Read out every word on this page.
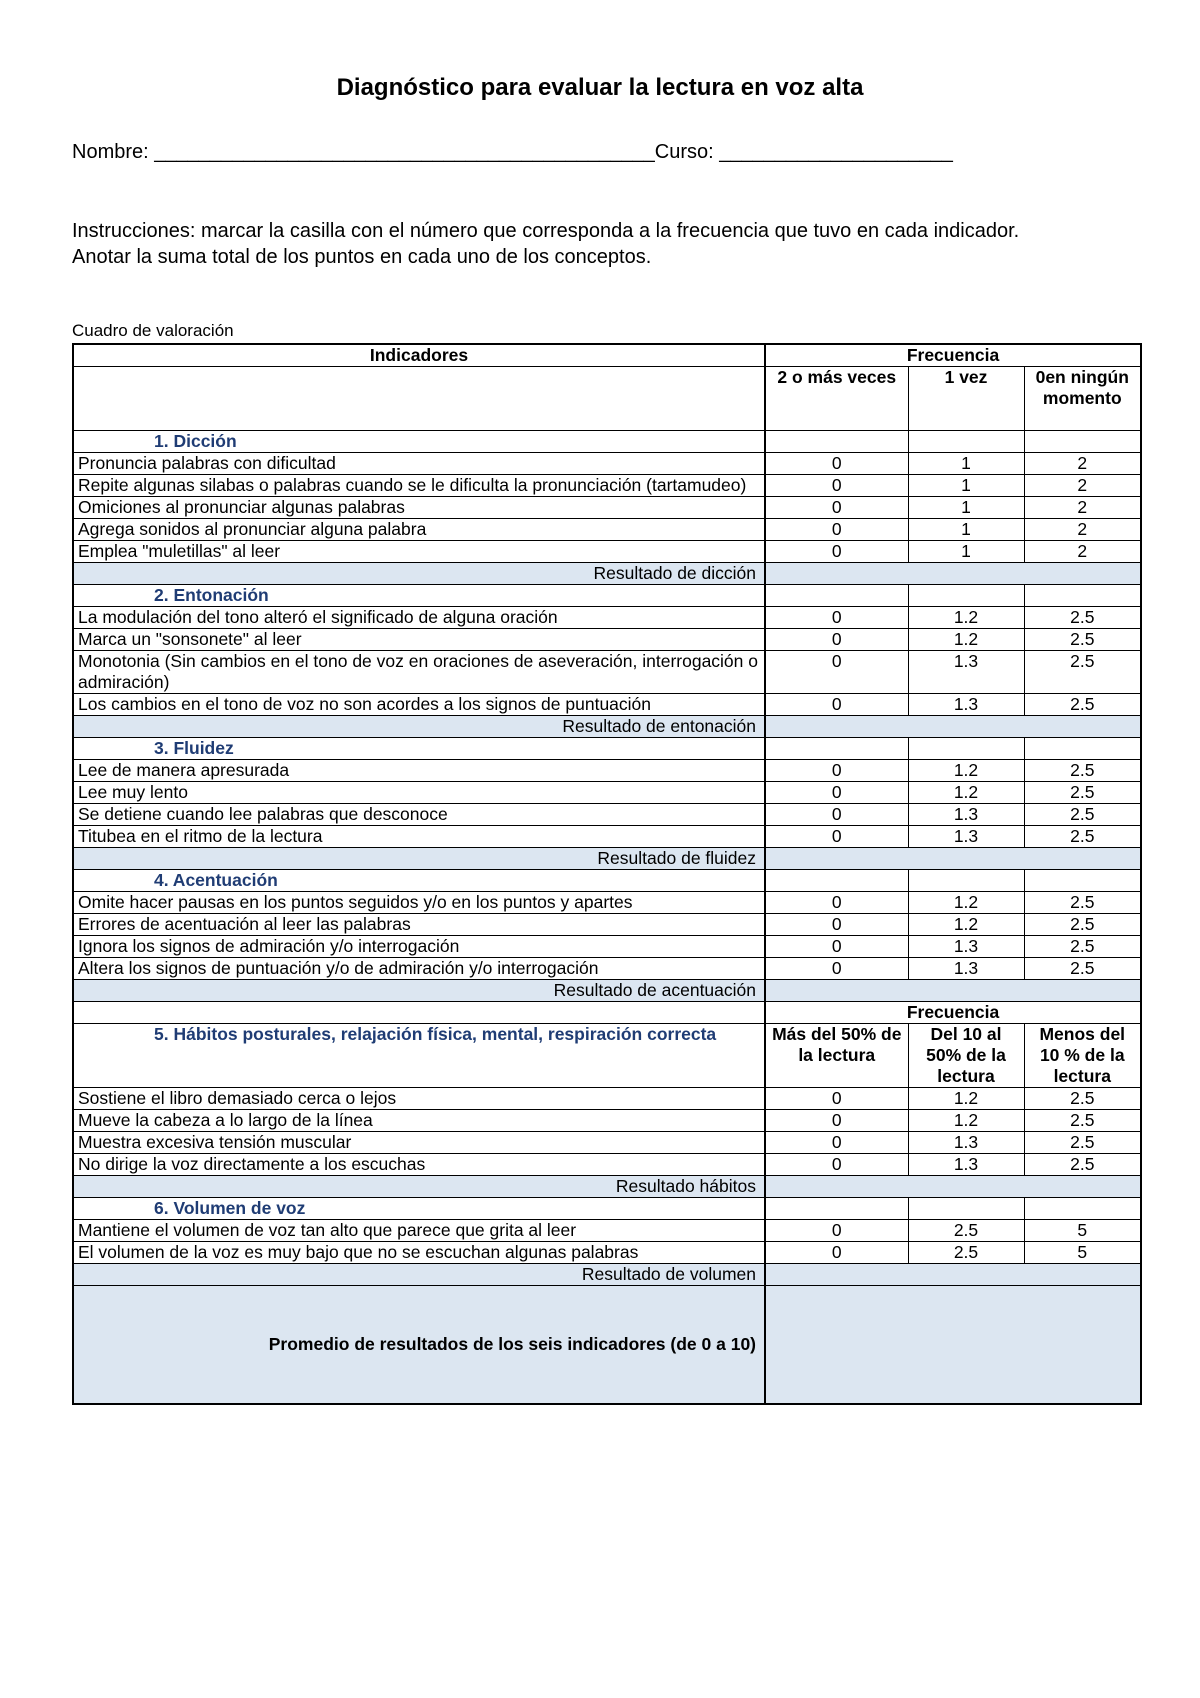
Diagnóstico para evaluar la lectura en voz alta
Nombre: _____________________________________________Curso: _____________________
Instrucciones: marcar la casilla con el número que corresponda a la frecuencia que tuvo en cada indicador.
Anotar la suma total de los puntos en cada uno de los conceptos.
Cuadro de valoración
Indicadores	Frecuencia		
	2 o más veces	1 vez	0en ningún momento
1. Dicción			
Pronuncia palabras con dificultad	0	1	2
Repite algunas silabas o palabras cuando se le dificulta la pronunciación (tartamudeo)	0	1	2
Omiciones al pronunciar algunas palabras	0	1	2
Agrega sonidos al pronunciar alguna palabra	0	1	2
Emplea "muletillas" al leer	0	1	2
Resultado de dicción			
2. Entonación			
La modulación del tono alteró el significado de alguna oración	0	1.2	2.5
Marca un "sonsonete" al leer	0	1.2	2.5
Monotonia (Sin cambios en el tono de voz en oraciones de aseveración, interrogación o admiración)	0	1.3	2.5
Los cambios en el tono de voz no son acordes a los signos de puntuación	0	1.3	2.5
Resultado de entonación			
3. Fluidez			
Lee de manera apresurada	0	1.2	2.5
Lee muy lento	0	1.2	2.5
Se detiene cuando lee palabras que desconoce	0	1.3	2.5
Titubea en el ritmo de la lectura	0	1.3	2.5
Resultado de fluidez			
4. Acentuación			
Omite hacer pausas en los puntos seguidos y/o en los puntos y apartes	0	1.2	2.5
Errores de acentuación al leer las palabras	0	1.2	2.5
Ignora los signos de admiración y/o interrogación	0	1.3	2.5
Altera los signos de puntuación y/o de admiración y/o interrogación	0	1.3	2.5
Resultado de acentuación			
	Frecuencia		
5. Hábitos posturales, relajación física, mental, respiración correcta	Más del 50% de la lectura	Del 10 al 50% de la lectura	Menos del 10 % de la lectura
Sostiene el libro demasiado cerca o lejos	0	1.2	2.5
Mueve la cabeza a lo largo de la línea	0	1.2	2.5
Muestra excesiva tensión muscular	0	1.3	2.5
No dirige la voz directamente a los escuchas	0	1.3	2.5
Resultado hábitos			
6. Volumen de voz			
Mantiene el volumen de voz tan alto que parece que grita al leer	0	2.5	5
El volumen de la voz es muy bajo que no se escuchan algunas palabras	0	2.5	5
Resultado de volumen			
Promedio de resultados de los seis indicadores (de 0 a 10)			
